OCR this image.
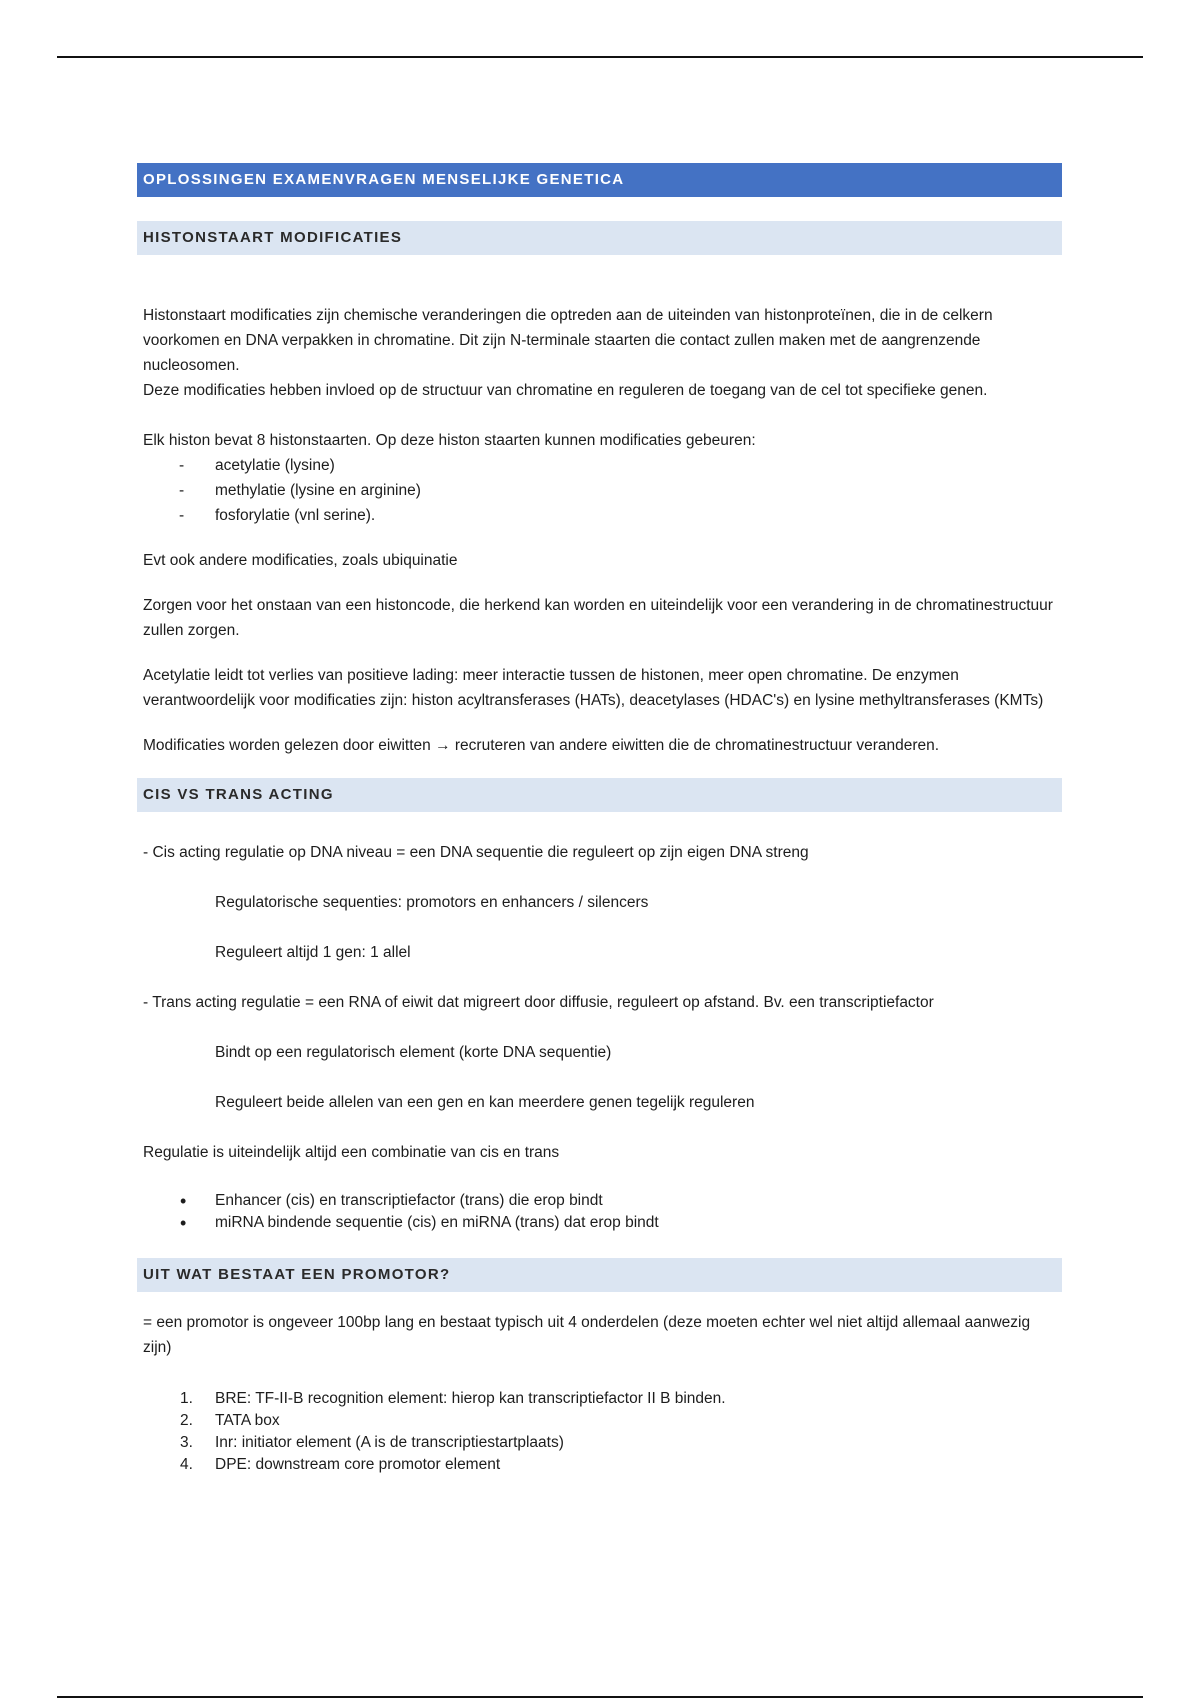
OPLOSSINGEN EXAMENVRAGEN MENSELIJKE GENETICA
HISTONSTAART MODIFICATIES

Histonstaart modificaties zijn chemische veranderingen die optreden aan de uiteinden van histonproteïnen, die in de celkern voorkomen en DNA verpakken in chromatine. Dit zijn N-terminale staarten die contact zullen maken met de aangrenzende nucleosomen.

Deze modificaties hebben invloed op de structuur van chromatine en reguleren de toegang van de cel tot specifieke genen.

Elk histon bevat 8 histonstaarten. Op deze histon staarten kunnen modificaties gebeuren:

- acetylatie (lysine)
- methylatie (lysine en arginine)
- fosforylatie (vnl serine).

Evt ook andere modificaties, zoals ubiquinatie

Zorgen voor het onstaan van een histoncode, die herkend kan worden en uiteindelijk voor een verandering in de chromatinestructuur zullen zorgen.

Acetylatie leidt tot verlies van positieve lading: meer interactie tussen de histonen, meer open chromatine. De enzymen verantwoordelijk voor modificaties zijn: histon acyltransferases (HATs), deacetylases (HDAC's) en lysine methyltransferases (KMTs)

Modificaties worden gelezen door eiwitten → recruteren van andere eiwitten die de chromatinestructuur veranderen.

CIS VS TRANS ACTING

- Cis acting regulatie op DNA niveau = een DNA sequentie die reguleert op zijn eigen DNA streng

Regulatorische sequenties: promotors en enhancers / silencers

Reguleert altijd 1 gen: 1 allel

- Trans acting regulatie = een RNA of eiwit dat migreert door diffusie, reguleert op afstand. Bv. een transcriptiefactor

Bindt op een regulatorisch element (korte DNA sequentie)

Reguleert beide allelen van een gen en kan meerdere genen tegelijk reguleren

Regulatie is uiteindelijk altijd een combinatie van cis en trans

• Enhancer (cis) en transcriptiefactor (trans) die erop bindt
• miRNA bindende sequentie (cis) en miRNA (trans) dat erop bindt
UIT WAT BESTAAT EEN PROMOTOR?

= een promotor is ongeveer 100bp lang en bestaat typisch uit 4 onderdelen (deze moeten echter wel niet altijd allemaal aanwezig zijn)

1. BRE: TF-II-B recognition element: hierop kan transcriptiefactor II B binden.
2. TATA box
3. Inr: initiator element (A is de transcriptiestartplaats)
4. DPE: downstream core promotor element
